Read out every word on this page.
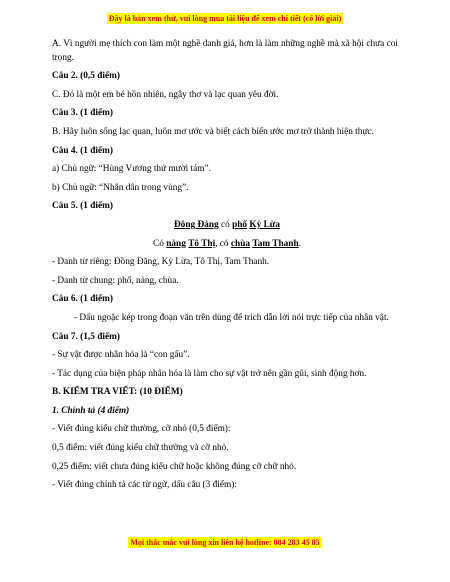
Đây là bản xem thử, vui lòng mua tài liệu để xem chi tiết (có lời giải)
A. Vì người mẹ thích con làm một nghề danh giá, hơn là làm những nghề mà xã hội chưa coi trọng.
Câu 2. (0,5 điểm)
C. Đó là một em bé hồn nhiên, ngây thơ và lạc quan yêu đời.
Câu 3. (1 điểm)
B. Hãy luôn sống lạc quan, luôn mơ ước và biết cách biến ước mơ trở thành hiện thực.
Câu 4. (1 điểm)
a) Chủ ngữ: “Hùng Vương thứ mười tám”.
b) Chủ ngữ: “Nhân dân trong vùng”.
Câu 5. (1 điểm)
Đông Đảng có phố Kỳ Lừa
Có nàng Tô Thị, có chùa Tam Thanh.
- Danh từ riêng: Đồng Đăng, Kỳ Lừa, Tô Thị, Tam Thanh.
- Danh từ chung: phố, nàng, chùa.
Câu 6. (1 điểm)
- Dấu ngoặc kép trong đoạn văn trên dùng để trích dẫn lời nói trực tiếp của nhân vật.
Câu 7. (1,5 điểm)
- Sự vật được nhân hóa là “con gấu”.
- Tác dụng của biện pháp nhân hóa là làm cho sự vật trở nên gần gũi, sinh động hơn.
B. KIỂM TRA VIẾT: (10 ĐIỂM)
1. Chính tả (4 điểm)
- Viết đúng kiểu chữ thường, cỡ nhỏ (0,5 điểm):
0,5 điểm: viết đúng kiểu chữ thường và cỡ nhỏ.
0,25 điểm: viết chưa đúng kiểu chữ hoặc không đúng cỡ chữ nhỏ.
- Viết đúng chính tả các từ ngữ, dấu câu (3 điểm):
Mọi thắc mắc vui lòng xin liên hệ hotline: 084 283 45 85
